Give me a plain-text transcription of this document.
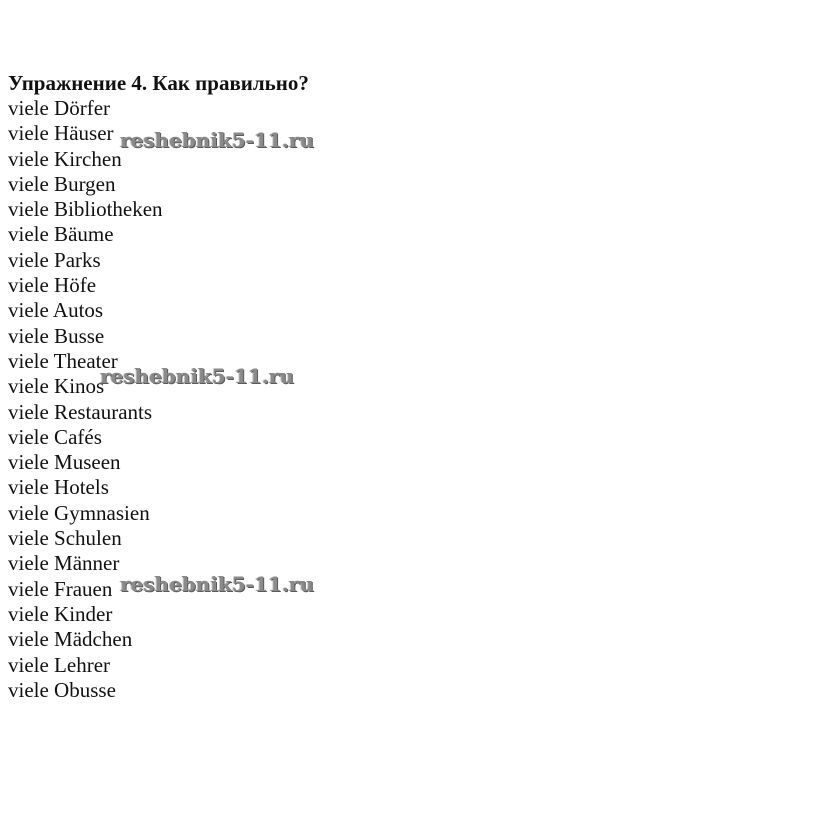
Упражнение 4. Как правильно?

viele Dörfer
viele Häuser
viele Kirchen
viele Burgen
viele Bibliotheken
viele Bäume
viele Parks
viele Höfe
viele Autos
viele Busse
viele Theater
viele Kinos
viele Restaurants
viele Cafés
viele Museen
viele Hotels
viele Gymnasien
viele Schulen
viele Männer
viele Frauen
viele Kinder
viele Mädchen
viele Lehrer
viele Obusse
reshebnik5-11.ru
reshebnik5-11.ru
reshebnik5-11.ru
